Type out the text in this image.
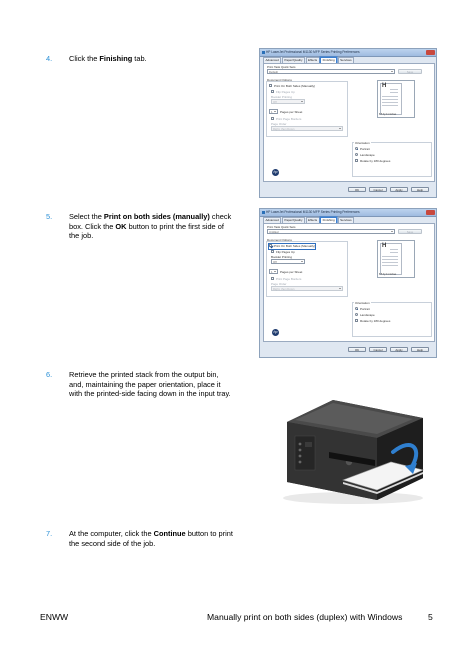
4. Click the Finishing tab.
5. Select the Print on both sides (manually) check box. Click the OK button to print the first side of the job.
6. Retrieve the printed stack from the output bin, and, maintaining the paper orientation, place it with the printed-side facing down in the input tray.
7. At the computer, click the Continue button to print the second side of the job.
HP LaserJet Professional M1130 MFP Series Printing Preferences
Advanced	Paper/Quality	Effects	Finishing	Services
Print Task Quick Sets
Default	Save
Document Options
Print On Both Sides (Manually)
Flip Pages Up
Booklet Printing
Off
1	Pages per Sheet
Print Page Borders
Page Order
Right, then Down
H
8.5 by 11 inches
Orientation
Portrait
Landscape
Rotate by 180 degrees
hp
OK	Cancel	Apply	Help
HP LaserJet Professional M1130 MFP Series Printing Preferences
Advanced	Paper/Quality	Effects	Finishing	Services
Print Task Quick Sets
Untitled	Save
Document Options
Print On Both Sides (Manually)
Flip Pages Up
Booklet Printing
Off
1	Pages per Sheet
Print Page Borders
Page Order
Right, then Down
H
8.5 by 11 inches
Orientation
Portrait
Landscape
Rotate by 180 degrees
hp
OK	Cancel	Apply	Help
ENWW	Manually print on both sides (duplex) with Windows	5
